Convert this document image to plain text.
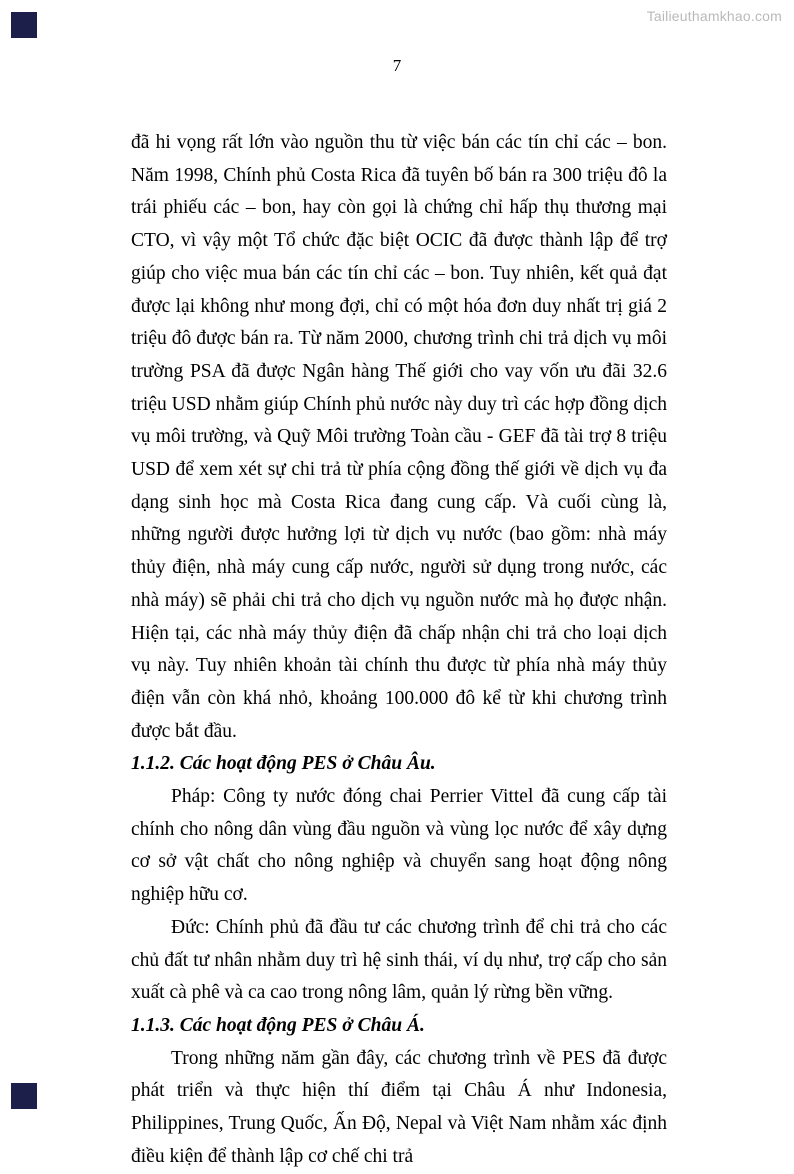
Tailieuthamkhao.com
7

đã hi vọng rất lớn vào nguồn thu từ việc bán các tín chỉ các – bon. Năm 1998, Chính phủ Costa Rica đã tuyên bố bán ra 300 triệu đô la trái phiếu các – bon, hay còn gọi là chứng chỉ hấp thụ thương mại CTO, vì vậy một Tổ chức đặc biệt OCIC đã được thành lập để trợ giúp cho việc mua bán các tín chỉ các – bon. Tuy nhiên, kết quả đạt được lại không như mong đợi, chỉ có một hóa đơn duy nhất trị giá 2 triệu đô được bán ra. Từ năm 2000, chương trình chi trả dịch vụ môi trường PSA đã được Ngân hàng Thế giới cho vay vốn ưu đãi 32.6 triệu USD nhằm giúp Chính phủ nước này duy trì các hợp đồng dịch vụ môi trường, và Quỹ Môi trường Toàn cầu - GEF đã tài trợ 8 triệu USD để xem xét sự chi trả từ phía cộng đồng thế giới về dịch vụ đa dạng sinh học mà Costa Rica đang cung cấp. Và cuối cùng là, những người được hưởng lợi từ dịch vụ nước (bao gồm: nhà máy thủy điện, nhà máy cung cấp nước, người sử dụng trong nước, các nhà máy) sẽ phải chi trả cho dịch vụ nguồn nước mà họ được nhận. Hiện tại, các nhà máy thủy điện đã chấp nhận chi trả cho loại dịch vụ này. Tuy nhiên khoản tài chính thu được từ phía nhà máy thủy điện vẫn còn khá nhỏ, khoảng 100.000 đô kể từ khi chương trình được bắt đầu.

1.1.2. Các hoạt động PES ở Châu Âu.

Pháp: Công ty nước đóng chai Perrier Vittel đã cung cấp tài chính cho nông dân vùng đầu nguồn và vùng lọc nước để xây dựng cơ sở vật chất cho nông nghiệp và chuyển sang hoạt động nông nghiệp hữu cơ.

Đức: Chính phủ đã đầu tư các chương trình để chi trả cho các chủ đất tư nhân nhằm duy trì hệ sinh thái, ví dụ như, trợ cấp cho sản xuất cà phê và ca cao trong nông lâm, quản lý rừng bền vững.

1.1.3. Các hoạt động PES ở Châu Á.

Trong những năm gần đây, các chương trình về PES đã được phát triển và thực hiện thí điểm tại Châu Á như Indonesia, Philippines, Trung Quốc, Ấn Độ, Nepal và Việt Nam nhằm xác định điều kiện để thành lập cơ chế chi trả
